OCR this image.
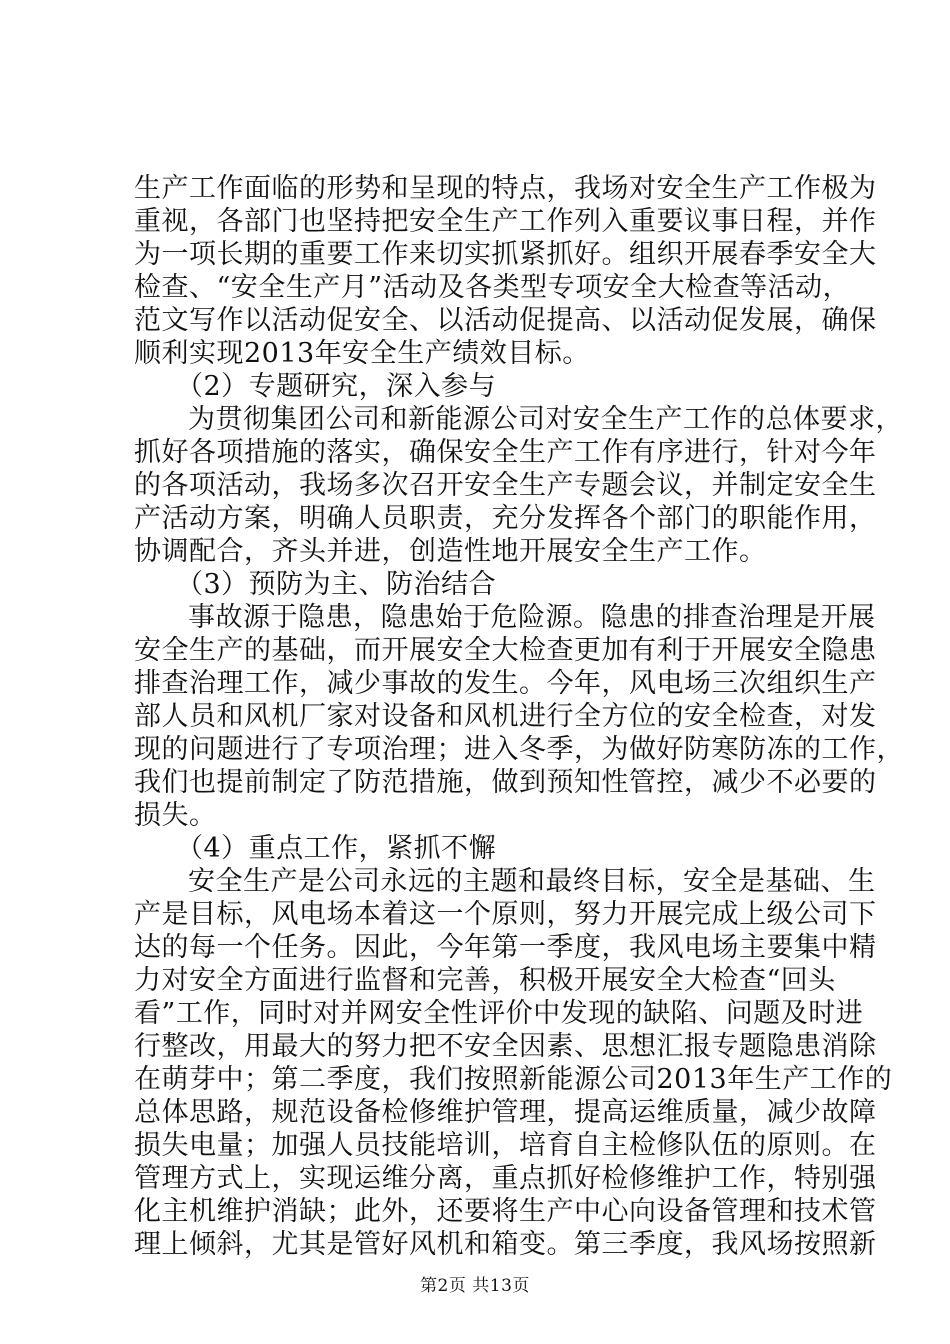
生产工作面临的形势和呈现的特点，我场对安全生产工作极为
重视，各部门也坚持把安全生产工作列入重要议事日程，并作
为一项长期的重要工作来切实抓紧抓好。组织开展春季安全大
检查、“安全生产月”活动及各类型专项安全大检查等活动，
范文写作以活动促安全、以活动促提高、以活动促发展，确保
顺利实现2013年安全生产绩效目标。
（2）专题研究，深入参与
为贯彻集团公司和新能源公司对安全生产工作的总体要求，
抓好各项措施的落实，确保安全生产工作有序进行，针对今年
的各项活动，我场多次召开安全生产专题会议，并制定安全生
产活动方案，明确人员职责，充分发挥各个部门的职能作用，
协调配合，齐头并进，创造性地开展安全生产工作。
（3）预防为主、防治结合
事故源于隐患，隐患始于危险源。隐患的排查治理是开展
安全生产的基础，而开展安全大检查更加有利于开展安全隐患
排查治理工作，减少事故的发生。今年，风电场三次组织生产
部人员和风机厂家对设备和风机进行全方位的安全检查，对发
现的问题进行了专项治理；进入冬季，为做好防寒防冻的工作，
我们也提前制定了防范措施，做到预知性管控，减少不必要的
损失。
（4）重点工作，紧抓不懈
安全生产是公司永远的主题和最终目标，安全是基础、生
产是目标，风电场本着这一个原则，努力开展完成上级公司下
达的每一个任务。因此，今年第一季度，我风电场主要集中精
力对安全方面进行监督和完善，积极开展安全大检查“回头
看”工作，同时对并网安全性评价中发现的缺陷、问题及时进
行整改，用最大的努力把不安全因素、思想汇报专题隐患消除
在萌芽中；第二季度，我们按照新能源公司2013年生产工作的
总体思路，规范设备检修维护管理，提高运维质量，减少故障
损失电量；加强人员技能培训，培育自主检修队伍的原则。在
管理方式上，实现运维分离，重点抓好检修维护工作，特别强
化主机维护消缺；此外，还要将生产中心向设备管理和技术管
理上倾斜，尤其是管好风机和箱变。第三季度，我风场按照新
第2页 共13页
